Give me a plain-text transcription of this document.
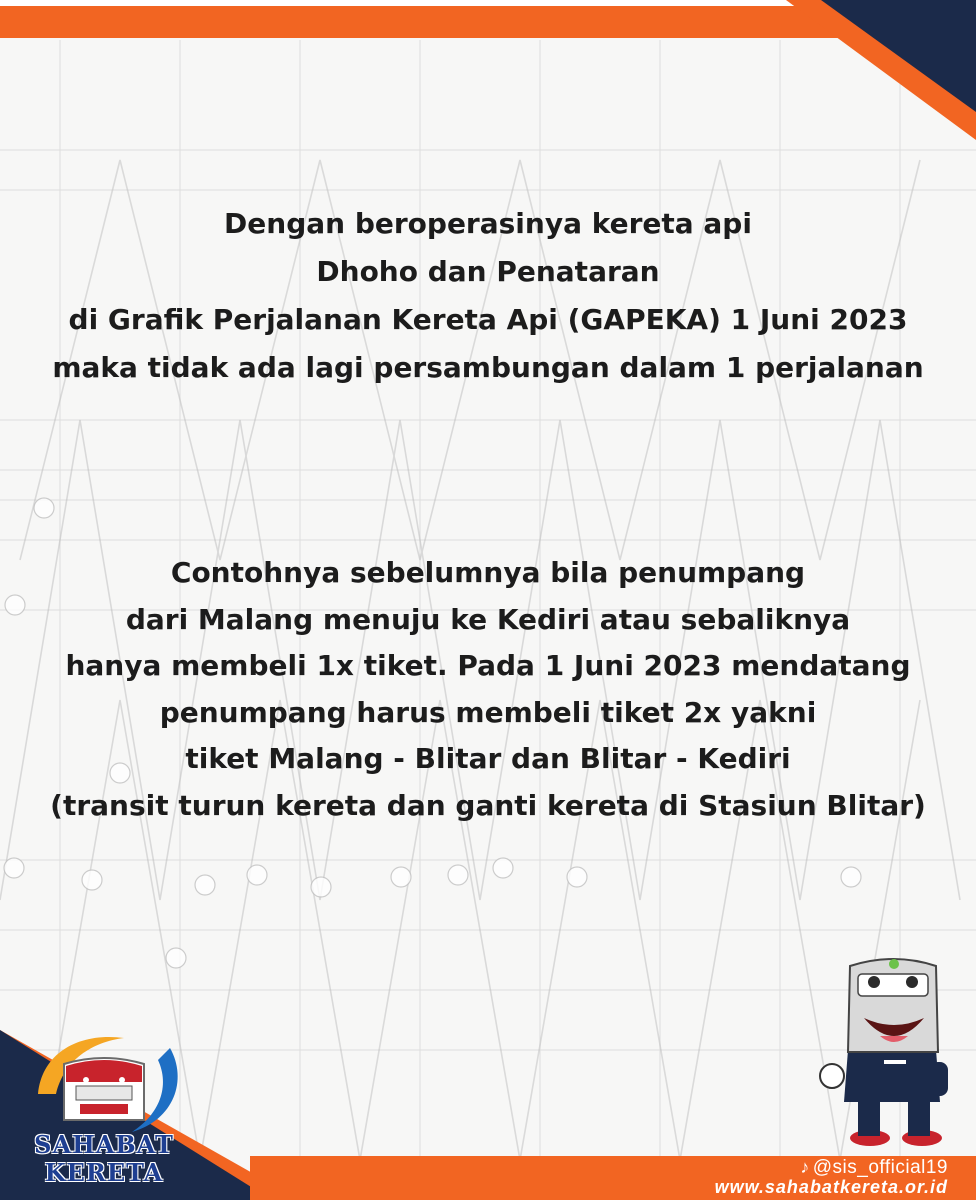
Dengan beroperasinya kereta api
Dhoho dan Penataran
di Grafik Perjalanan Kereta Api (GAPEKA) 1 Juni 2023
maka tidak ada lagi persambungan dalam 1 perjalanan
Contohnya sebelumnya bila penumpang
dari Malang menuju ke Kediri atau sebaliknya
hanya membeli 1x tiket. Pada 1 Juni 2023 mendatang
penumpang harus membeli tiket 2x yakni
tiket Malang - Blitar dan Blitar - Kediri
(transit turun kereta dan ganti kereta di Stasiun Blitar)
SAHABAT
KERETA	♪ @sis_official19
www.sahabatkereta.or.id
